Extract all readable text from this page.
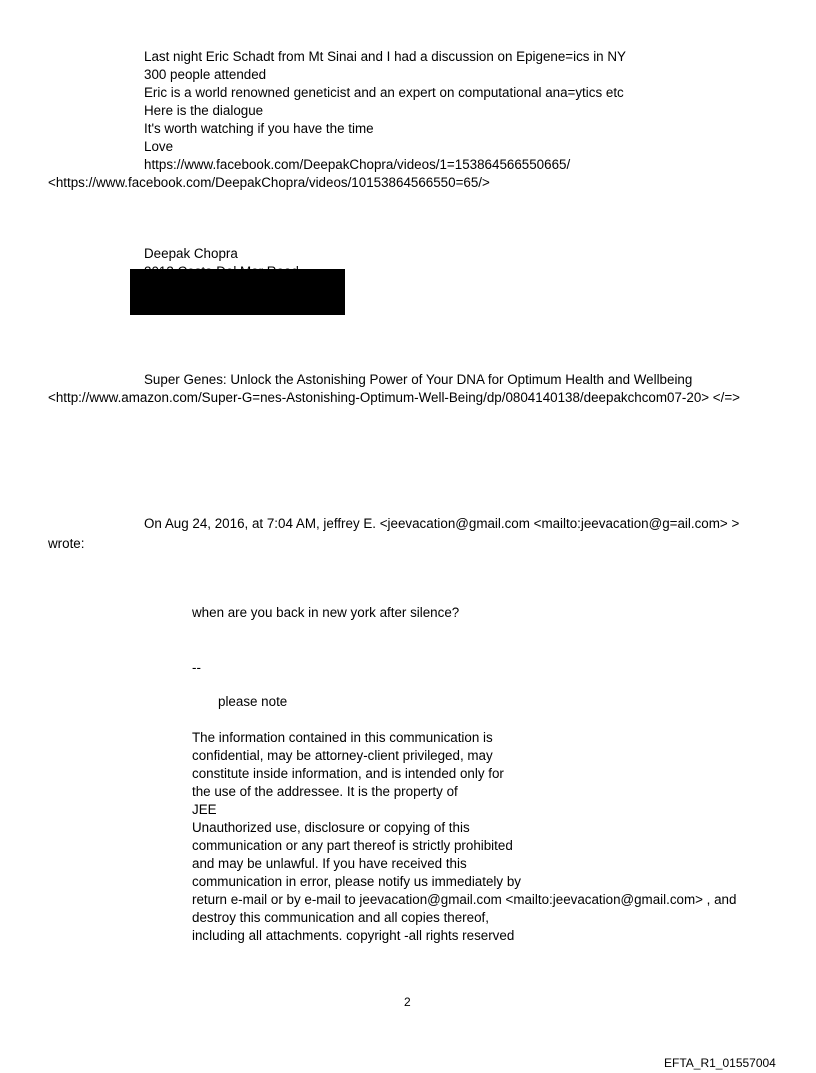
Last night Eric Schadt from Mt Sinai and I had a discussion on Epigene=ics in NY
300 people attended
Eric is a world renowned geneticist and an expert on computational ana=ytics etc
Here is the dialogue
It's worth watching if you have the time
Love
https://www.facebook.com/DeepakChopra/videos/1=153864566550665/
<https://www.facebook.com/DeepakChopra/videos/10153864566550=65/>
Deepak Chopra
Super Genes: Unlock the Astonishing Power of Your DNA for Optimum Health and Wellbeing
<http://www.amazon.com/Super-G=nes-Astonishing-Optimum-Well-Being/dp/0804140138/deepakchcom07-20> </=>
On Aug 24, 2016, at 7:04 AM, jeffrey E. <jeevacation@gmail.com <mailto:jeevacation@g=ail.com> >
wrote:
when are you back in new york after silence?
--
please note
The information contained in this communication is
confidential, may be attorney-client privileged, may
constitute inside information, and is intended only for
the use of the addressee. It is the property of
JEE
Unauthorized use, disclosure or copying of this
communication or any part thereof is strictly prohibited
and may be unlawful. If you have received this
communication in error, please notify us immediately by
return e-mail or by e-mail to jeevacation@gmail.com <mailto:jeevacation@gmail.com> , and
destroy this communication and all copies thereof,
including all attachments. copyright -all rights reserved
2
EFTA_R1_01557004
